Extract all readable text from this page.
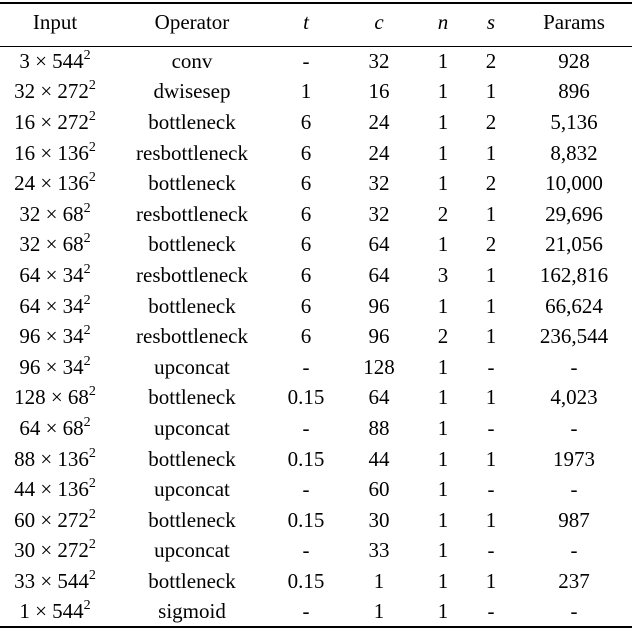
Input	Operator	t	c	n	s	Params
$3 \times 544^2$	conv	-	32	1	2	928
$32 \times 272^2$	dwisesep	1	16	1	1	896
$16 \times 272^2$	bottleneck	6	24	1	2	5,136
$16 \times 136^2$	resbottleneck	6	24	1	1	8,832
$24 \times 136^2$	bottleneck	6	32	1	2	10,000
$32 \times 68^2$	resbottleneck	6	32	2	1	29,696
$32 \times 68^2$	bottleneck	6	64	1	2	21,056
$64 \times 34^2$	resbottleneck	6	64	3	1	162,816
$64 \times 34^2$	bottleneck	6	96	1	1	66,624
$96 \times 34^2$	resbottleneck	6	96	2	1	236,544
$96 \times 34^2$	upconcat	-	128	1	-	-
$128 \times 68^2$	bottleneck	0.15	64	1	1	4,023
$64 \times 68^2$	upconcat	-	88	1	-	-
$88 \times 136^2$	bottleneck	0.15	44	1	1	1973
$44 \times 136^2$	upconcat	-	60	1	-	-
$60 \times 272^2$	bottleneck	0.15	30	1	1	987
$30 \times 272^2$	upconcat	-	33	1	-	-
$33 \times 544^2$	bottleneck	0.15	1	1	1	237
$1 \times 544^2$	sigmoid	-	1	1	-	-
